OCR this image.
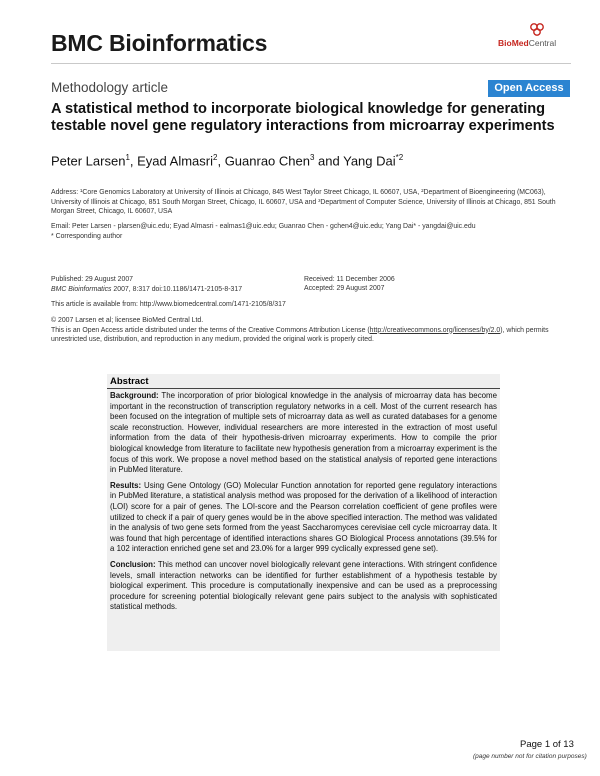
BMC Bioinformatics	BioMedCentral
Methodology article	Open Access
A statistical method to incorporate biological knowledge for generating testable novel gene regulatory interactions from microarray experiments
Peter Larsen$^1$, Eyad Almasri$^2$, Guanrao Chen$^3$ and Yang Dai$^{*2}$
Address: ¹Core Genomics Laboratory at University of Illinois at Chicago, 845 West Taylor Street Chicago, IL 60607, USA, ²Department of Bioengineering (MC063), University of Illinois at Chicago, 851 South Morgan Street, Chicago, IL 60607, USA and ³Department of Computer Science, University of Illinois at Chicago, 851 South Morgan Street, Chicago, IL 60607, USA
Email: Peter Larsen - plarsen@uic.edu; Eyad Almasri - ealmas1@uic.edu; Guanrao Chen - gchen4@uic.edu; Yang Dai* - yangdai@uic.edu
* Corresponding author
Published: 29 August 2007
BMC Bioinformatics 2007, 8:317 doi:10.1186/1471-2105-8-317
Received: 11 December 2006
Accepted: 29 August 2007
This article is available from: http://www.biomedcentral.com/1471-2105/8/317
© 2007 Larsen et al; licensee BioMed Central Ltd.
This is an Open Access article distributed under the terms of the Creative Commons Attribution License (http://creativecommons.org/licenses/by/2.0), which permits unrestricted use, distribution, and reproduction in any medium, provided the original work is properly cited.
Abstract

Background: The incorporation of prior biological knowledge in the analysis of microarray data has become important in the reconstruction of transcription regulatory networks in a cell. Most of the current research has been focused on the integration of multiple sets of microarray data as well as curated databases for a genome scale reconstruction. However, individual researchers are more interested in the extraction of most useful information from the data of their hypothesis-driven microarray experiments. How to compile the prior biological knowledge from literature to facilitate new hypothesis generation from a microarray experiment is the focus of this work. We propose a novel method based on the statistical analysis of reported gene interactions in PubMed literature.

Results: Using Gene Ontology (GO) Molecular Function annotation for reported gene regulatory interactions in PubMed literature, a statistical analysis method was proposed for the derivation of a likelihood of interaction (LOI) score for a pair of genes. The LOI-score and the Pearson correlation coefficient of gene profiles were utilized to check if a pair of query genes would be in the above specified interaction. The method was validated in the analysis of two gene sets formed from the yeast Saccharomyces cerevisiae cell cycle microarray data. It was found that high percentage of identified interactions shares GO Biological Process annotations (39.5% for a 102 interaction enriched gene set and 23.0% for a larger 999 cyclically expressed gene set).

Conclusion: This method can uncover novel biologically relevant gene interactions. With stringent confidence levels, small interaction networks can be identified for further establishment of a hypothesis testable by biological experiment. This procedure is computationally inexpensive and can be used as a preprocessing procedure for screening potential biologically relevant gene pairs subject to the analysis with sophisticated statistical methods.

Page 1 of 13
(page number not for citation purposes)
